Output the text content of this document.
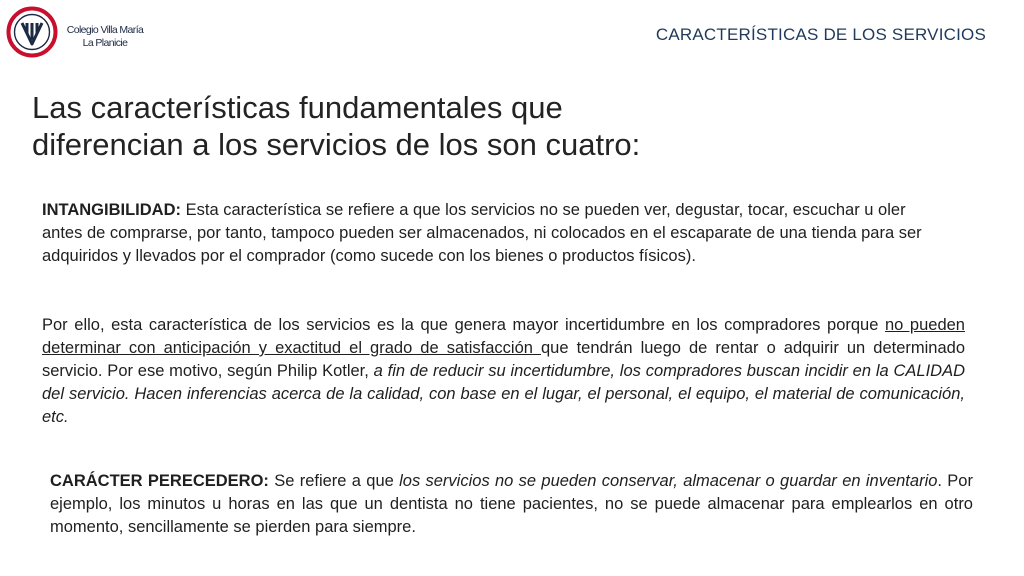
Colegio Villa María
La Planicie	CARACTERÍSTICAS DE LOS SERVICIOS
Las características fundamentales que
diferencian a los servicios de los son cuatro:

INTANGIBILIDAD: Esta característica se refiere a que los servicios no se pueden ver, degustar, tocar, escuchar u oler antes de comprarse, por tanto, tampoco pueden ser almacenados, ni colocados en el escaparate de una tienda para ser adquiridos y llevados por el comprador (como sucede con los bienes o productos físicos).

Por ello, esta característica de los servicios es la que genera mayor incertidumbre en los compradores porque no pueden determinar con anticipación y exactitud el grado de satisfacción que tendrán luego de rentar o adquirir un determinado servicio. Por ese motivo, según Philip Kotler, a fin de reducir su incertidumbre, los compradores buscan incidir en la CALIDAD del servicio. Hacen inferencias acerca de la calidad, con base en el lugar, el personal, el equipo, el material de comunicación, etc.

CARÁCTER PERECEDERO: Se refiere a que los servicios no se pueden conservar, almacenar o guardar en inventario. Por ejemplo, los minutos u horas en las que un dentista no tiene pacientes, no se puede almacenar para emplearlos en otro momento, sencillamente se pierden para siempre.
